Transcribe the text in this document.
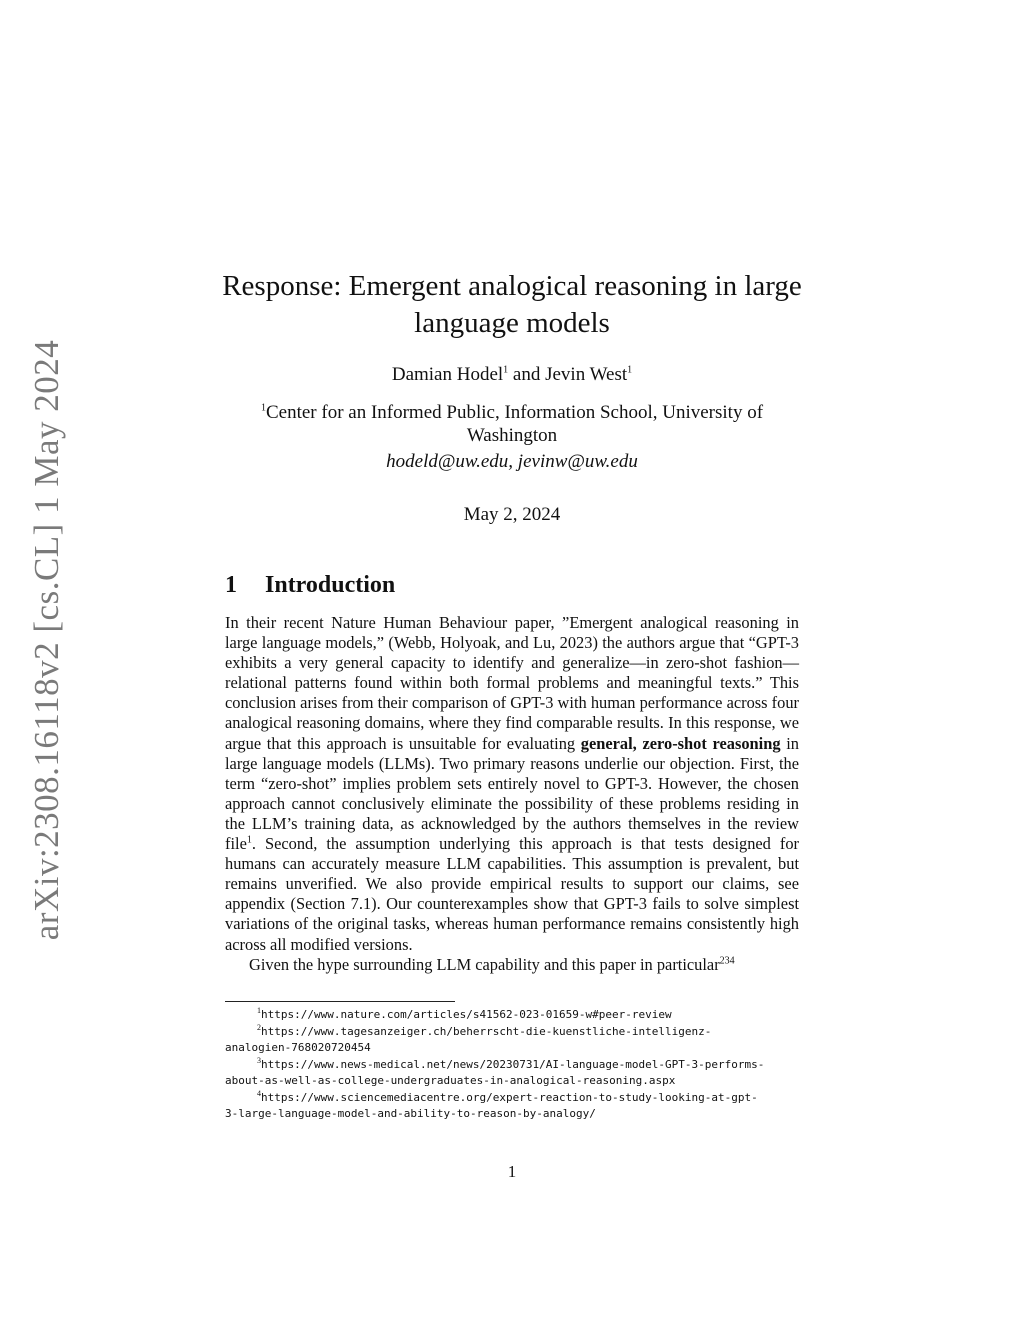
arXiv:2308.16118v2 [cs.CL] 1 May 2024
Response: Emergent analogical reasoning in large
language models
Damian Hodel$^1$ and Jevin West$^1$
$^1$Center for an Informed Public, Information School, University of
Washington
hodeld@uw.edu, jevinw@uw.edu
May 2, 2024
1 Introduction

In their recent Nature Human Behaviour paper, ”Emergent analogical reasoning in large language models,” (Webb, Holyoak, and Lu, 2023) the authors argue that “GPT-3 exhibits a very general capacity to identify and generalize—in zero-shot fashion—relational patterns found within both formal problems and meaningful texts.” This conclusion arises from their comparison of GPT-3 with human performance across four analogical reasoning domains, where they find comparable results. In this response, we argue that this approach is unsuitable for evaluating general, zero-shot reasoning in large language models (LLMs). Two primary reasons underlie our objection. First, the term “zero-shot” implies problem sets entirely novel to GPT-3. However, the chosen approach cannot conclusively eliminate the possibility of these problems residing in the LLM’s training data, as acknowledged by the authors themselves in the review file$^1$. Second, the assumption underlying this approach is that tests designed for humans can accurately measure LLM capabilities. This assumption is prevalent, but remains unverified. We also provide empirical results to support our claims, see appendix (Section 7.1). Our counterexamples show that GPT-3 fails to solve simplest variations of the original tasks, whereas human performance remains consistently high across all modified versions.

Given the hype surrounding LLM capability and this paper in particular$^{234}$

$^1$https://www.nature.com/articles/s41562-023-01659-w#peer-review
$^2$https://www.tagesanzeiger.ch/beherrscht-die-kuenstliche-intelligenz-
analogien-768020720454
$^3$https://www.news-medical.net/news/20230731/AI-language-model-GPT-3-performs-
about-as-well-as-college-undergraduates-in-analogical-reasoning.aspx
$^4$https://www.sciencemediacentre.org/expert-reaction-to-study-looking-at-gpt-
3-large-language-model-and-ability-to-reason-by-analogy/
1
